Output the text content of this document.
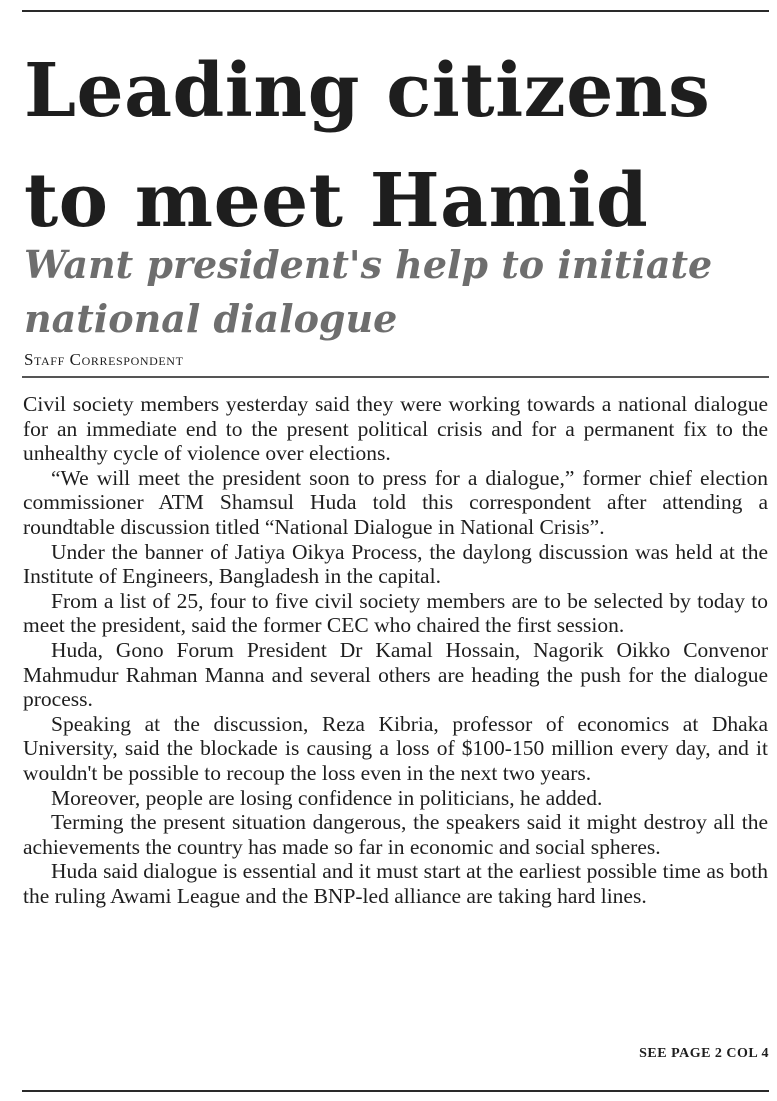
Leading citizens to meet Hamid
Want president's help to initiate national dialogue
Staff Correspondent

Civil society members yesterday said they were working towards a national dialogue for an immediate end to the present political crisis and for a permanent fix to the unhealthy cycle of violence over elections.

“We will meet the president soon to press for a dialogue,” former chief election commissioner ATM Shamsul Huda told this correspondent after attending a roundtable discussion titled “National Dialogue in National Crisis”.

Under the banner of Jatiya Oikya Process, the daylong discussion was held at the Institute of Engineers, Bangladesh in the capital.

From a list of 25, four to five civil society members are to be selected by today to meet the president, said the former CEC who chaired the first session.

Huda, Gono Forum President Dr Kamal Hossain, Nagorik Oikko Convenor Mahmudur Rahman Manna and several others are heading the push for the dialogue process.

Speaking at the discussion, Reza Kibria, professor of economics at Dhaka University, said the blockade is causing a loss of $100-150 million every day, and it wouldn't be possible to recoup the loss even in the next two years.

Moreover, people are losing confidence in politicians, he added.

Terming the present situation dangerous, the speakers said it might destroy all the achievements the country has made so far in economic and social spheres.

Huda said dialogue is essential and it must start at the earliest possible time as both the ruling Awami League and the BNP-led alliance are taking hard lines.

SEE PAGE 2 COL 4
